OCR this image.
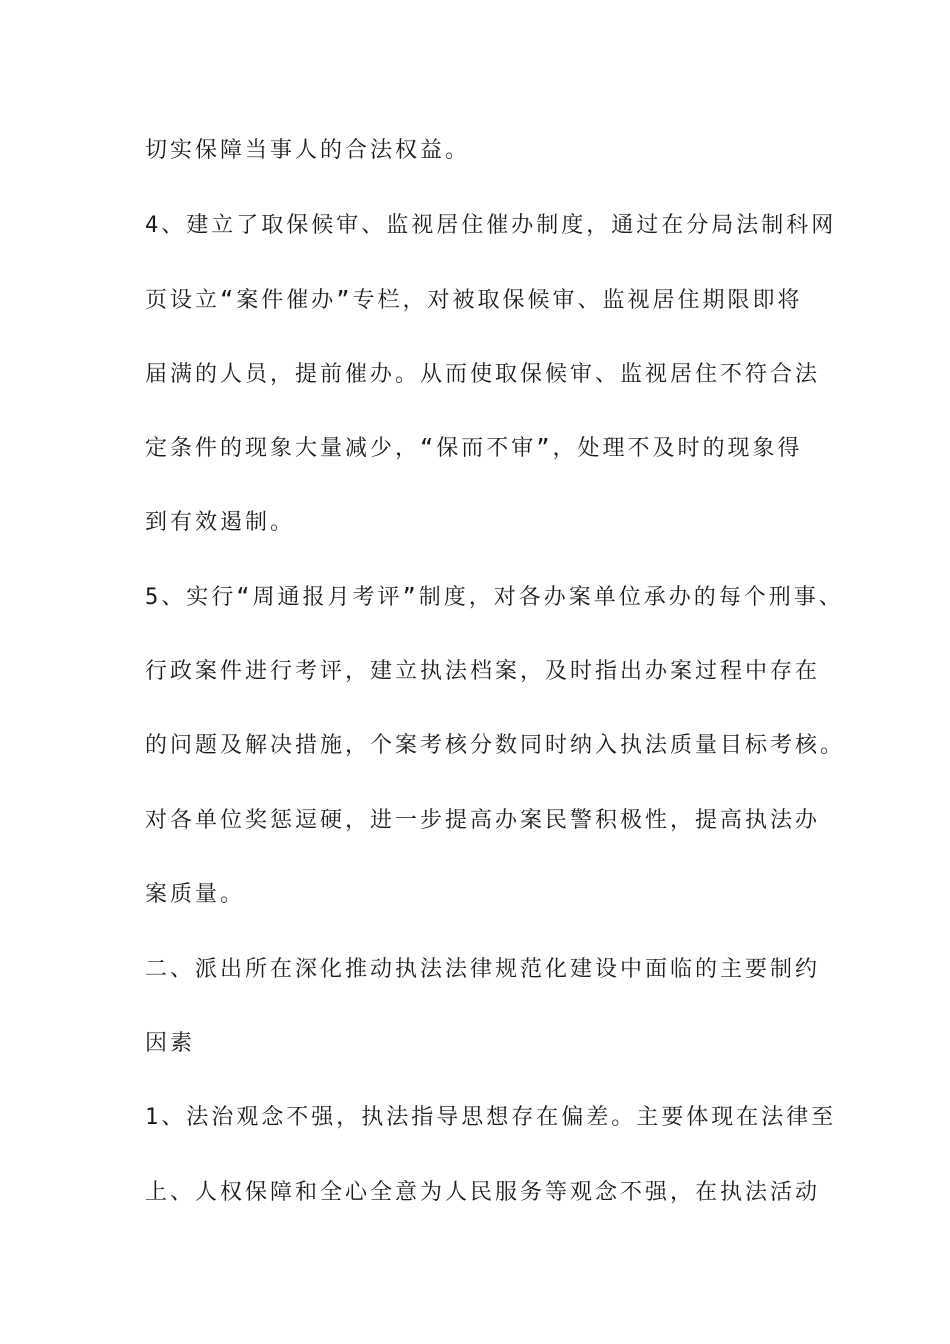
切实保障当事人的合法权益。
4、建立了取保候审、监视居住催办制度，通过在分局法制科网
页设立“案件催办”专栏，对被取保候审、监视居住期限即将
届满的人员，提前催办。从而使取保候审、监视居住不符合法
定条件的现象大量减少，“保而不审”，处理不及时的现象得
到有效遏制。
5、实行“周通报月考评”制度，对各办案单位承办的每个刑事、
行政案件进行考评，建立执法档案，及时指出办案过程中存在
的问题及解决措施，个案考核分数同时纳入执法质量目标考核。
对各单位奖惩逗硬，进一步提高办案民警积极性，提高执法办
案质量。
二、派出所在深化推动执法法律规范化建设中面临的主要制约
因素
1、法治观念不强，执法指导思想存在偏差。主要体现在法律至
上、人权保障和全心全意为人民服务等观念不强，在执法活动
